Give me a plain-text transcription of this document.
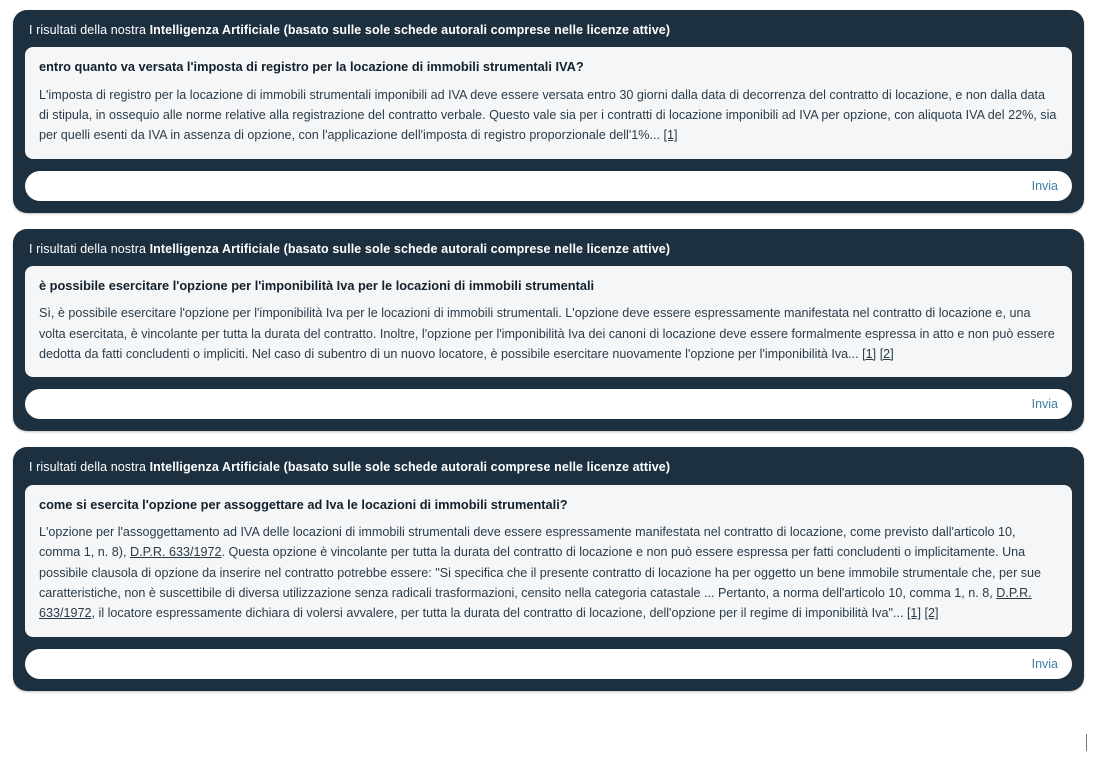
I risultati della nostra Intelligenza Artificiale (basato sulle sole schede autorali comprese nelle licenze attive)
entro quanto va versata l'imposta di registro per la locazione di immobili strumentali IVA?
L'imposta di registro per la locazione di immobili strumentali imponibili ad IVA deve essere versata entro 30 giorni dalla data di decorrenza del contratto di locazione, e non dalla data di stipula, in ossequio alle norme relative alla registrazione del contratto verbale. Questo vale sia per i contratti di locazione imponibili ad IVA per opzione, con aliquota IVA del 22%, sia per quelli esenti da IVA in assenza di opzione, con l'applicazione dell'imposta di registro proporzionale dell'1%... [1]
Invia
I risultati della nostra Intelligenza Artificiale (basato sulle sole schede autorali comprese nelle licenze attive)
è possibile esercitare l'opzione per l'imponibilità Iva per le locazioni di immobili strumentali
Sì, è possibile esercitare l'opzione per l'imponibilità Iva per le locazioni di immobili strumentali. L'opzione deve essere espressamente manifestata nel contratto di locazione e, una volta esercitata, è vincolante per tutta la durata del contratto. Inoltre, l'opzione per l'imponibilità Iva dei canoni di locazione deve essere formalmente espressa in atto e non può essere dedotta da fatti concludenti o impliciti. Nel caso di subentro di un nuovo locatore, è possibile esercitare nuovamente l'opzione per l'imponibilità Iva... [1] [2]
Invia
I risultati della nostra Intelligenza Artificiale (basato sulle sole schede autorali comprese nelle licenze attive)
come si esercita l'opzione per assoggettare ad Iva le locazioni di immobili strumentali?
L'opzione per l'assoggettamento ad IVA delle locazioni di immobili strumentali deve essere espressamente manifestata nel contratto di locazione, come previsto dall'articolo 10, comma 1, n. 8), D.P.R. 633/1972. Questa opzione è vincolante per tutta la durata del contratto di locazione e non può essere espressa per fatti concludenti o implicitamente. Una possibile clausola di opzione da inserire nel contratto potrebbe essere: "Si specifica che il presente contratto di locazione ha per oggetto un bene immobile strumentale che, per sue caratteristiche, non è suscettibile di diversa utilizzazione senza radicali trasformazioni, censito nella categoria catastale ... Pertanto, a norma dell'articolo 10, comma 1, n. 8, D.P.R. 633/1972, il locatore espressamente dichiara di volersi avvalere, per tutta la durata del contratto di locazione, dell'opzione per il regime di imponibilità Iva"... [1] [2]
Invia
